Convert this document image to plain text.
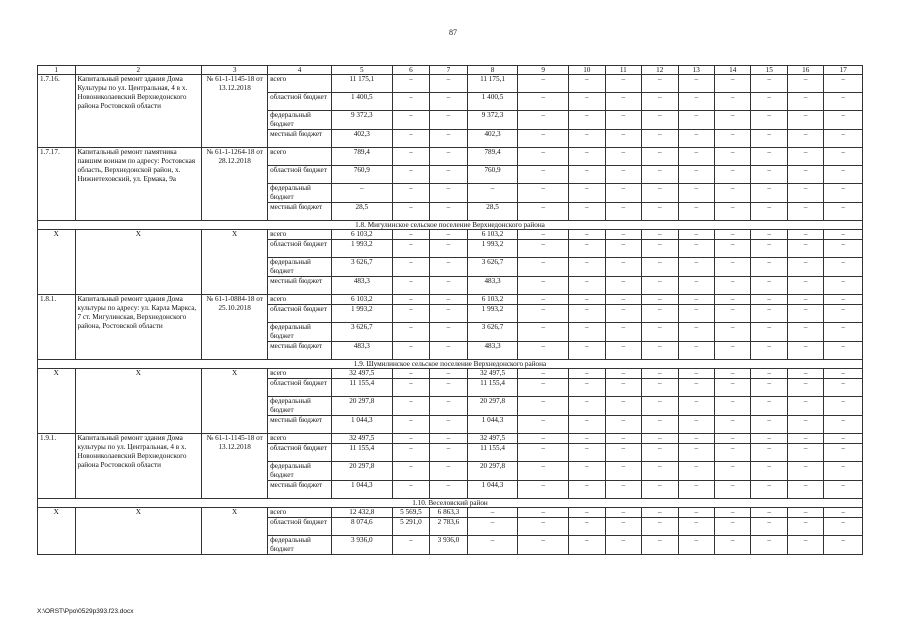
87
1	2	3	4	5	6	7	8	9	10	11	12	13	14	15	16	17
1.7.16.	Капитальный ремонт здания Дома Культуры по ул. Центральная, 4 в х. Новониколаевский Верхнедонского района Ростовской области	№ 61-1-1145-18 от 13.12.2018	всего	11 175,1	–	–	11 175,1	–	–	–	–	–	–	–	–	–
			областной бюджет	1 400,5	–	–	1 400,5	–	–	–	–	–	–	–	–	–
			федеральный бюджет	9 372,3	–	–	9 372,3	–	–	–	–	–	–	–	–	–
			местный бюджет	402,3	–	–	402,3	–	–	–	–	–	–	–	–	–
1.7.17.	Капитальный ремонт памятника павшим воинам по адресу: Ростовская область, Верхнедонской район, х. Нижнетеховский, ул. Ермака, 9а	№ 61-1-1264-18 от 28.12.2018	всего	789,4	–	–	789,4	–	–	–	–	–	–	–	–	–
			областной бюджет	760,9	–	–	760,9	–	–	–	–	–	–	–	–	–
			федеральный бюджет	–	–	–	–	–	–	–	–	–	–	–	–	–
			местный бюджет	28,5	–	–	28,5	–	–	–	–	–	–	–	–	–
1.8. Мигулинское сельское поселение Верхнедонского района																
Х	Х	Х	всего	6 103,2	–	–	6 103,2	–	–	–	–	–	–	–	–	–
			областной бюджет	1 993,2	–	–	1 993,2	–	–	–	–	–	–	–	–	–
			федеральный бюджет	3 626,7	–	–	3 626,7	–	–	–	–	–	–	–	–	–
			местный бюджет	483,3	–	–	483,3	–	–	–	–	–	–	–	–	–
1.8.1.	Капитальный ремонт здания Дома культуры по адресу: ул. Карла Маркса, 7 ст. Мигулинская, Верхнедонского района, Ростовской области	№ 61-1-0884-18 от 25.10.2018	всего	6 103,2	–	–	6 103,2	–	–	–	–	–	–	–	–	–
			областной бюджет	1 993,2	–	–	1 993,2	–	–	–	–	–	–	–	–	–
			федеральный бюджет	3 626,7	–	–	3 626,7	–	–	–	–	–	–	–	–	–
			местный бюджет	483,3	–	–	483,3	–	–	–	–	–	–	–	–	–
1.9. Шумилинское сельское поселение Верхнедонского района																
Х	Х	Х	всего	32 497,5	–	–	32 497,5	–	–	–	–	–	–	–	–	–
			областной бюджет	11 155,4	–	–	11 155,4	–	–	–	–	–	–	–	–	–
			федеральный бюджет	20 297,8	–	–	20 297,8	–	–	–	–	–	–	–	–	–
			местный бюджет	1 044,3	–	–	1 044,3	–	–	–	–	–	–	–	–	–
1.9.1.	Капитальный ремонт здания Дома культуры по ул. Центральная, 4 в х. Новониколаевский Верхнедонского района Ростовской области	№ 61-1-1145-18 от 13.12.2018	всего	32 497,5	–	–	32 497,5	–	–	–	–	–	–	–	–	–
			областной бюджет	11 155,4	–	–	11 155,4	–	–	–	–	–	–	–	–	–
			федеральный бюджет	20 297,8	–	–	20 297,8	–	–	–	–	–	–	–	–	–
			местный бюджет	1 044,3	–	–	1 044,3	–	–	–	–	–	–	–	–	–
1.10. Веселовский район																
Х	Х	Х	всего	12 432,8	5 569,5	6 863,3	–	–	–	–	–	–	–	–	–	–
			областной бюджет	8 074,6	5 291,0	2 783,6	–	–	–	–	–	–	–	–	–	–
			федеральный бюджет	3 936,0	–	3 936,0	–	–	–	–	–	–	–	–	–	–
X:\ORST\Ppo\0529p393.f23.docx
